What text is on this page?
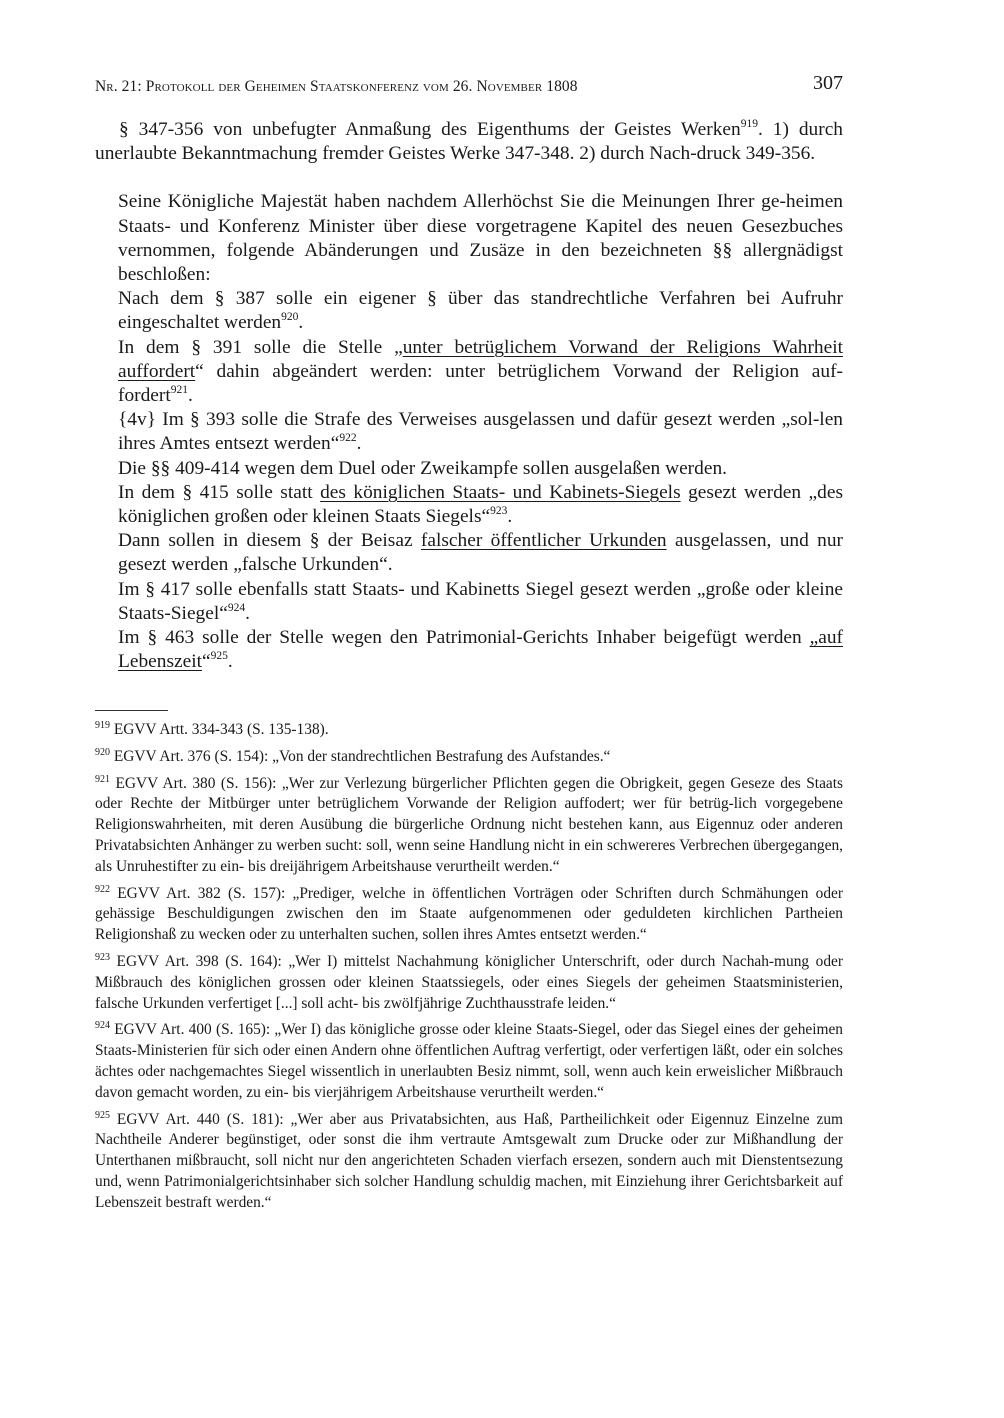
Nr. 21: Protokoll der Geheimen Staatskonferenz vom 26. November 1808	307

§ 347-356 von unbefugter Anmaßung des Eigenthums der Geistes Werken$^{919}$. 1) durch unerlaubte Bekanntmachung fremder Geistes Werke 347-348. 2) durch Nach-druck 349-356.

Seine Königliche Majestät haben nachdem Allerhöchst Sie die Meinungen Ihrer ge-heimen Staats- und Konferenz Minister über diese vorgetragene Kapitel des neuen Gesezbuches vernommen, folgende Abänderungen und Zusäze in den bezeichneten §§ allergnädigst beschloßen:

Nach dem § 387 solle ein eigener § über das standrechtliche Verfahren bei Aufruhr eingeschaltet werden$^{920}$.

In dem § 391 solle die Stelle „unter betrüglichem Vorwand der Religions Wahrheit auffordert“ dahin abgeändert werden: unter betrüglichem Vorwand der Religion auf-fordert$^{921}$.

{4v} Im § 393 solle die Strafe des Verweises ausgelassen und dafür gesezt werden „sol-len ihres Amtes entsezt werden“$^{922}$.

Die §§ 409-414 wegen dem Duel oder Zweikampfe sollen ausgelaßen werden.

In dem § 415 solle statt des königlichen Staats- und Kabinets-Siegels gesezt werden „des königlichen großen oder kleinen Staats Siegels“$^{923}$.

Dann sollen in diesem § der Beisaz falscher öffentlicher Urkunden ausgelassen, und nur gesezt werden „falsche Urkunden“.

Im § 417 solle ebenfalls statt Staats- und Kabinetts Siegel gesezt werden „große oder kleine Staats-Siegel“$^{924}$.

Im § 463 solle der Stelle wegen den Patrimonial-Gerichts Inhaber beigefügt werden „auf Lebenszeit“$^{925}$.

$^{919}$ EGVV Artt. 334-343 (S. 135-138).

$^{920}$ EGVV Art. 376 (S. 154): „Von der standrechtlichen Bestrafung des Aufstandes.“

$^{921}$ EGVV Art. 380 (S. 156): „Wer zur Verlezung bürgerlicher Pflichten gegen die Obrigkeit, gegen Geseze des Staats oder Rechte der Mitbürger unter betrüglichem Vorwande der Religion auffodert; wer für betrüg-lich vorgegebene Religionswahrheiten, mit deren Ausübung die bürgerliche Ordnung nicht bestehen kann, aus Eigennuz oder anderen Privatabsichten Anhänger zu werben sucht: soll, wenn seine Handlung nicht in ein schwereres Verbrechen übergegangen, als Unruhestifter zu ein- bis dreijährigem Arbeitshause verurtheilt werden.“

$^{922}$ EGVV Art. 382 (S. 157): „Prediger, welche in öffentlichen Vorträgen oder Schriften durch Schmähungen oder gehässige Beschuldigungen zwischen den im Staate aufgenommenen oder geduldeten kirchlichen Partheien Religionshaß zu wecken oder zu unterhalten suchen, sollen ihres Amtes entsetzt werden.“

$^{923}$ EGVV Art. 398 (S. 164): „Wer I) mittelst Nachahmung königlicher Unterschrift, oder durch Nachah-mung oder Mißbrauch des königlichen grossen oder kleinen Staatssiegels, oder eines Siegels der geheimen Staatsministerien, falsche Urkunden verfertiget [...] soll acht- bis zwölfjährige Zuchthausstrafe leiden.“

$^{924}$ EGVV Art. 400 (S. 165): „Wer I) das königliche grosse oder kleine Staats-Siegel, oder das Siegel eines der geheimen Staats-Ministerien für sich oder einen Andern ohne öffentlichen Auftrag verfertigt, oder verfertigen läßt, oder ein solches ächtes oder nachgemachtes Siegel wissentlich in unerlaubten Besiz nimmt, soll, wenn auch kein erweislicher Mißbrauch davon gemacht worden, zu ein- bis vierjährigem Arbeitshause verurtheilt werden.“

$^{925}$ EGVV Art. 440 (S. 181): „Wer aber aus Privatabsichten, aus Haß, Partheilichkeit oder Eigennuz Einzelne zum Nachtheile Anderer begünstiget, oder sonst die ihm vertraute Amtsgewalt zum Drucke oder zur Mißhandlung der Unterthanen mißbraucht, soll nicht nur den angerichteten Schaden vierfach ersezen, sondern auch mit Dienstentsezung und, wenn Patrimonialgerichtsinhaber sich solcher Handlung schuldig machen, mit Einziehung ihrer Gerichtsbarkeit auf Lebenszeit bestraft werden.“
